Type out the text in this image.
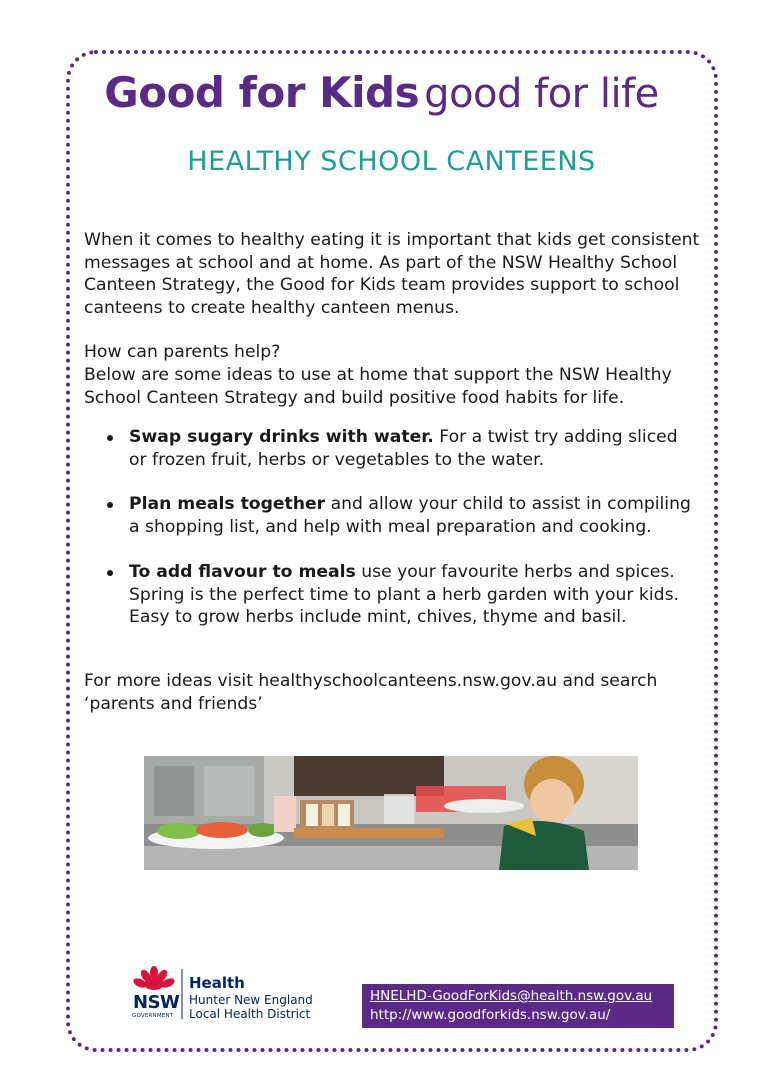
Good for Kids good for life
HEALTHY SCHOOL CANTEENS

When it comes to healthy eating it is important that kids get consistent messages at school and at home. As part of the NSW Healthy School Canteen Strategy, the Good for Kids team provides support to school canteens to create healthy canteen menus.

How can parents help?

Below are some ideas to use at home that support the NSW Healthy School Canteen Strategy and build positive food habits for life.

Swap sugary drinks with water. For a twist try adding sliced or frozen fruit, herbs or vegetables to the water.
Plan meals together and allow your child to assist in compiling a shopping list, and help with meal preparation and cooking.
To add flavour to meals use your favourite herbs and spices. Spring is the perfect time to plant a herb garden with your kids. Easy to grow herbs include mint, chives, thyme and basil.

For more ideas visit healthyschoolcanteens.nsw.gov.au and search ‘parents and friends’

NSW
GOVERNMENT
Health
Hunter New England
Local Health District
HNELHD-GoodForKids@health.nsw.gov.au
http://www.goodforkids.nsw.gov.au/
